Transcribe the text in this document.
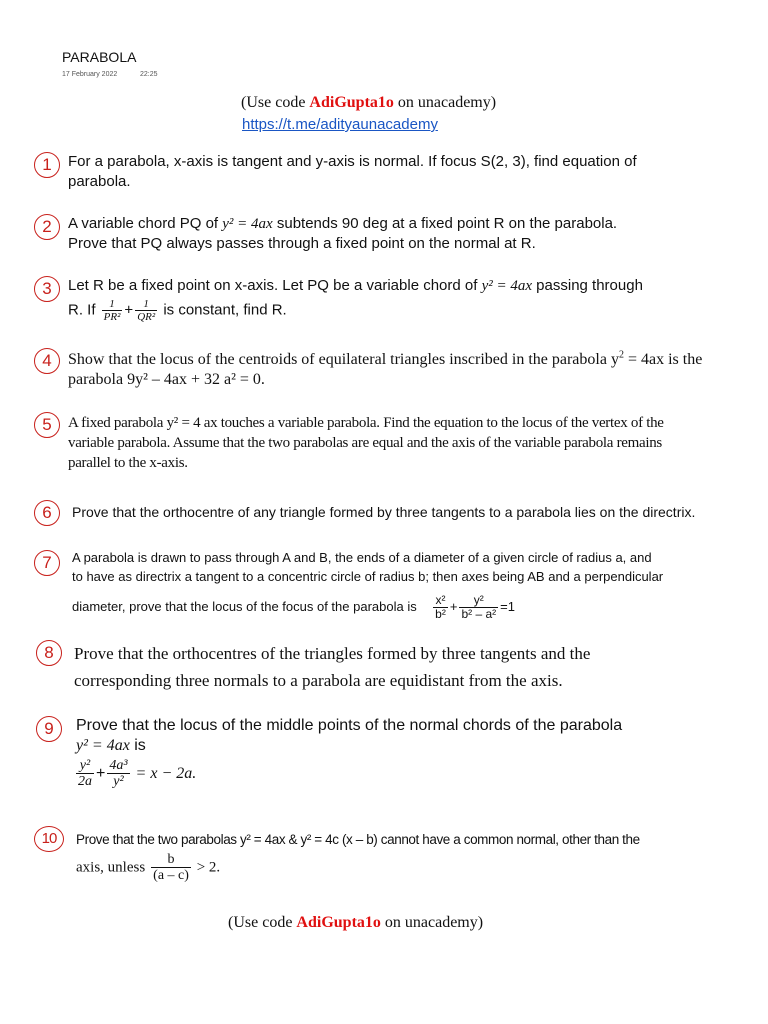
PARABOLA
17 February 2022	22:25
(Use code AdiGupta1o on unacademy)
https://t.me/adityaunacademy
1	For a parabola, x-axis is tangent and y-axis is normal. If focus S(2, 3), find equation of
parabola.
2	A variable chord PQ of y² = 4ax subtends 90 deg at a fixed point R on the parabola.
Prove that PQ always passes through a fixed point on the normal at R.
3	Let R be a fixed point on x-axis. Let PQ be a variable chord of y² = 4ax passing through
R. If $\frac{1}{\text{PR²}} + \frac{1}{\text{QR²}}$ is constant, find R.
4	Show that the locus of the centroids of equilateral triangles inscribed in the parabola $y^2 = 4ax$ is the
parabola 9y² – 4ax + 32 a² = 0.
5	A fixed parabola y² = 4 ax touches a variable parabola. Find the equation to the locus of the vertex of the
variable parabola. Assume that the two parabolas are equal and the axis of the variable parabola remains
parallel to the x-axis.
6	Prove that the orthocentre of any triangle formed by three tangents to a parabola lies on the directrix.
7	A parabola is drawn to pass through A and B, the ends of a diameter of a given circle of radius a, and
to have as directrix a tangent to a concentric circle of radius b; then axes being AB and a perpendicular
diameter, prove that the locus of the focus of the parabola is $\frac{\text{x²}}{\text{b²}} + \frac{\text{y²}}{\text{b² – a²}} =1$
8	Prove that the orthocentres of the triangles formed by three tangents and the
corresponding three normals to a parabola are equidistant from the axis.
9	Prove that the locus of the middle points of the normal chords of the parabola
y² = 4ax is
$\frac{\text{y²}}{2a} + \frac{\text{4a³}}{\text{y²}} = x - 2a$.
10	Prove that the two parabolas y² = 4ax & y² = 4c (x – b) cannot have a common normal, other than the
axis, unless $\frac{b}{(a - c)} > 2$.
(Use code AdiGupta1o on unacademy)
